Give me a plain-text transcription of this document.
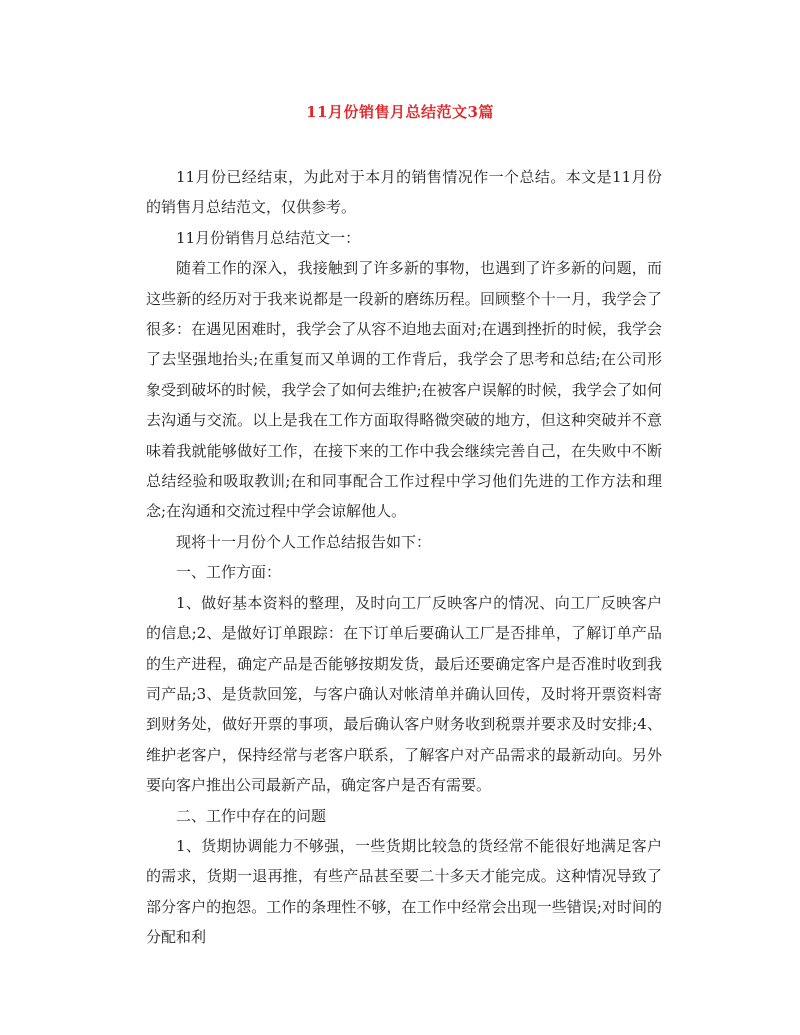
11月份销售月总结范文3篇

11月份已经结束，为此对于本月的销售情况作一个总结。本文是11月份的销售月总结范文，仅供参考。

11月份销售月总结范文一：

随着工作的深入，我接触到了许多新的事物，也遇到了许多新的问题，而这些新的经历对于我来说都是一段新的磨练历程。回顾整个十一月，我学会了很多：在遇见困难时，我学会了从容不迫地去面对;在遇到挫折的时候，我学会了去坚强地抬头;在重复而又单调的工作背后，我学会了思考和总结;在公司形象受到破坏的时候，我学会了如何去维护;在被客户误解的时候，我学会了如何去沟通与交流。以上是我在工作方面取得略微突破的地方，但这种突破并不意味着我就能够做好工作，在接下来的工作中我会继续完善自己，在失败中不断总结经验和吸取教训;在和同事配合工作过程中学习他们先进的工作方法和理念;在沟通和交流过程中学会谅解他人。

现将十一月份个人工作总结报告如下：

一、工作方面：

1、做好基本资料的整理，及时向工厂反映客户的情况、向工厂反映客户的信息;2、是做好订单跟踪：在下订单后要确认工厂是否排单，了解订单产品的生产进程，确定产品是否能够按期发货，最后还要确定客户是否准时收到我司产品;3、是货款回笼，与客户确认对帐清单并确认回传，及时将开票资料寄到财务处，做好开票的事项，最后确认客户财务收到税票并要求及时安排;4、维护老客户，保持经常与老客户联系，了解客户对产品需求的最新动向。另外要向客户推出公司最新产品，确定客户是否有需要。

二、工作中存在的问题

1、货期协调能力不够强，一些货期比较急的货经常不能很好地满足客户的需求，货期一退再推，有些产品甚至要二十多天才能完成。这种情况导致了部分客户的抱怨。工作的条理性不够，在工作中经常会出现一些错误;对时间的分配和利
